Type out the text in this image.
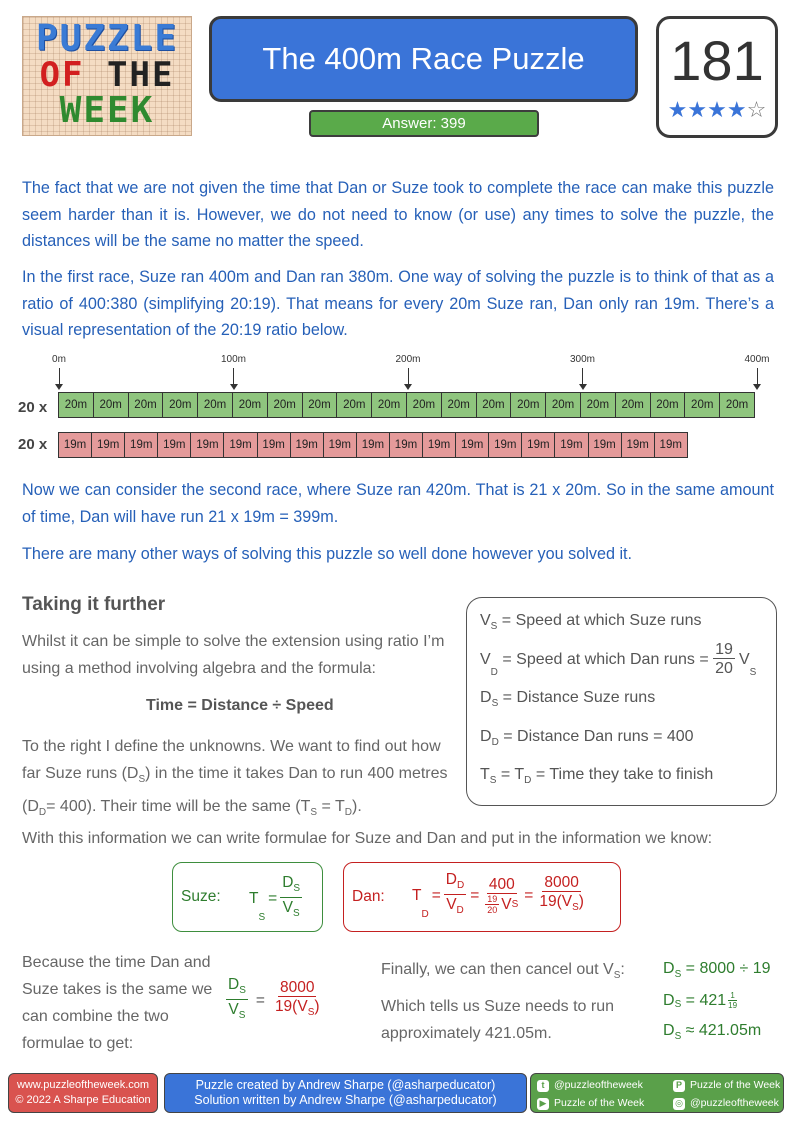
PUZZLE
OF THE
WEEK
The 400m Race Puzzle
Answer: 399
181
★★★★☆
The fact that we are not given the time that Dan or Suze took to complete the race can make this puzzle seem harder than it is. However, we do not need to know (or use) any times to solve the puzzle, the distances will be the same no matter the speed.
In the first race, Suze ran 400m and Dan ran 380m. One way of solving the puzzle is to think of that as a ratio of 400:380 (simplifying 20:19). That means for every 20m Suze ran, Dan only ran 19m. There’s a visual representation of the 20:19 ratio below.
0m	100m	200m	300m	400m
20 x	20m	20m	20m	20m	20m	20m	20m	20m	20m	20m	20m	20m	20m	20m	20m	20m	20m	20m	20m	20m
20 x	19m 19m 19m 19m 19m 19m 19m 19m 19m 19m 19m 19m 19m 19m 19m 19m 19m 19m 19m
Now we can consider the second race, where Suze ran 420m. That is 21 x 20m. So in the same amount of time, Dan will have run 21 x 19m = 399m.
There are many other ways of solving this puzzle so well done however you solved it.
Taking it further
Whilst it can be simple to solve the extension using ratio I’m using a method involving algebra and the formula:
Time = Distance ÷ Speed
To the right I define the unknowns. We want to find out how far Suze runs $(D_S)$ in the time it takes Dan to run 400 metres $(D_D= 400)$. Their time will be the same $(T_S = T_D)$.
$V_S$ = Speed at which Suze runs
V
$_D$
= Speed at which Dan runs = $\frac{19}{20}$ V
$_S$
$D_S$ = Distance Suze runs
$D_D$ = Distance Dan runs = 400
$T_S = T_D$ = Time they take to finish
With this information we can write formulae for Suze and Dan and put in the information we know:
Suze: T
S
= $\frac{D_S}{V_S}$	Dan: T
D
= $\frac{D_D}{V_D} = \frac{400}{\frac{19}{20} V S} = \frac{8000}{19(V_S)}$
Because the time Dan and Suze takes is the same we can combine the two formulae to get:
$\frac{D_S}{V_S} = \frac{8000}{19(V_S)}$
Finally, we can then cancel out $V_S$:
Which tells us Suze needs to run approximately 421.05m.
$D_S = 8000 \div 19$
$D_S = 421 \frac{1}{19}$
$D_S \approx 421.05m$
www.puzzleoftheweek.com
© 2022 A Sharpe Education
Puzzle created by Andrew Sharpe (@asharpeducator)
Solution written by Andrew Sharpe (@asharpeducator)
t @puzzleoftheweek	P Puzzle of the Week
▶ Puzzle of the Week	◎ @puzzleoftheweek
